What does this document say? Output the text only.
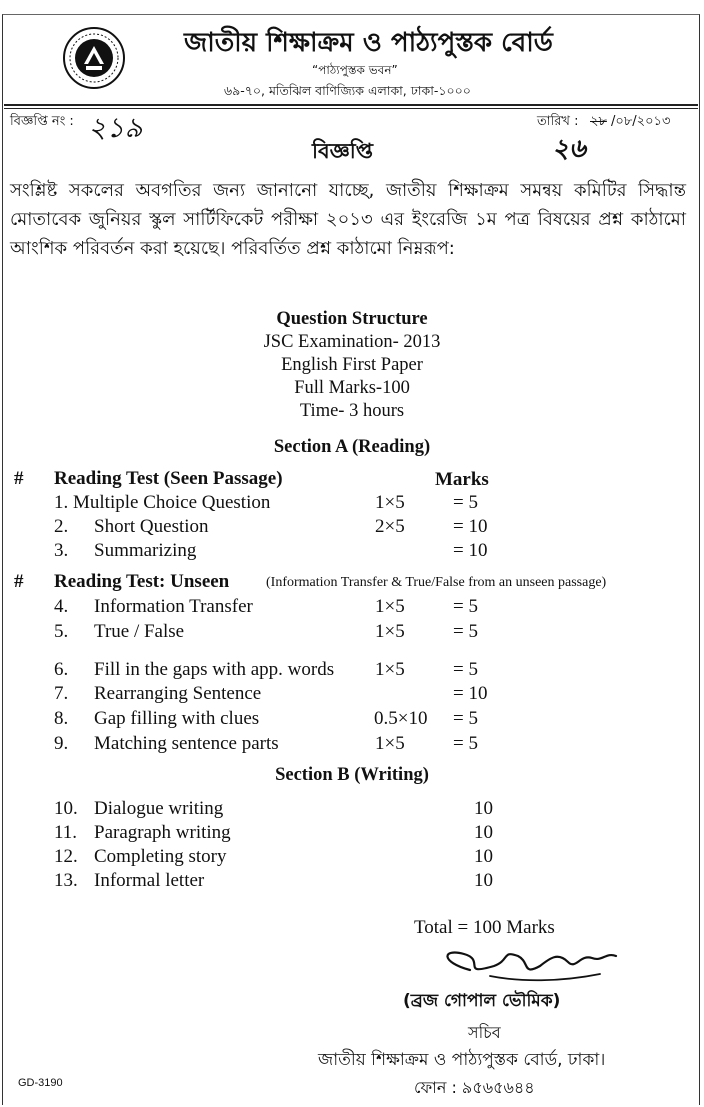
জাতীয় শিক্ষাক্রম ও পাঠ্যপুস্তক বোর্ড
“পাঠ্যপুস্তক ভবন”
৬৯-৭০, মতিঝিল বাণিজ্যিক এলাকা, ঢাকা-১০০০
বিজ্ঞপ্তি নং : ২১৯	তারিখ : ২৮ /০৮/২০১৩
২৬
বিজ্ঞপ্তি
সংশ্লিষ্ট সকলের অবগতির জন্য জানানো যাচ্ছে, জাতীয় শিক্ষাক্রম সমন্বয় কমিটির সিদ্ধান্ত মোতাবেক জুনিয়র স্কুল সার্টিফিকেট পরীক্ষা ২০১৩ এর ইংরেজি ১ম পত্র বিষয়ের প্রশ্ন কাঠামো আংশিক পরিবর্তন করা হয়েছে। পরিবর্তিত প্রশ্ন কাঠামো নিম্নরূপ:
Question Structure
JSC Examination- 2013
English First Paper
Full Marks-100
Time- 3 hours
Section A (Reading)
# Reading Test (Seen Passage)	Marks
1. Multiple Choice Question	1×5	= 5
2. Short Question	2×5	= 10
3. Summarizing	= 10
# Reading Test: Unseen	(Information Transfer & True/False from an unseen passage)
4. Information Transfer	1×5	= 5
5. True / False	1×5	= 5
6. Fill in the gaps with app. words 1×5	= 5
7. Rearranging Sentence	= 10
8. Gap filling with clues	0.5×10 = 5
9. Matching sentence parts	1×5	= 5
Section B (Writing)
10. Dialogue writing	10
11. Paragraph writing	10
12. Completing story	10
13. Informal letter	10
Total = 100 Marks
(ব্রজ গোপাল ভৌমিক)
সচিব
জাতীয় শিক্ষাক্রম ও পাঠ্যপুস্তক বোর্ড, ঢাকা।
ফোন : ৯৫৬৫৬৪৪
GD-3190
